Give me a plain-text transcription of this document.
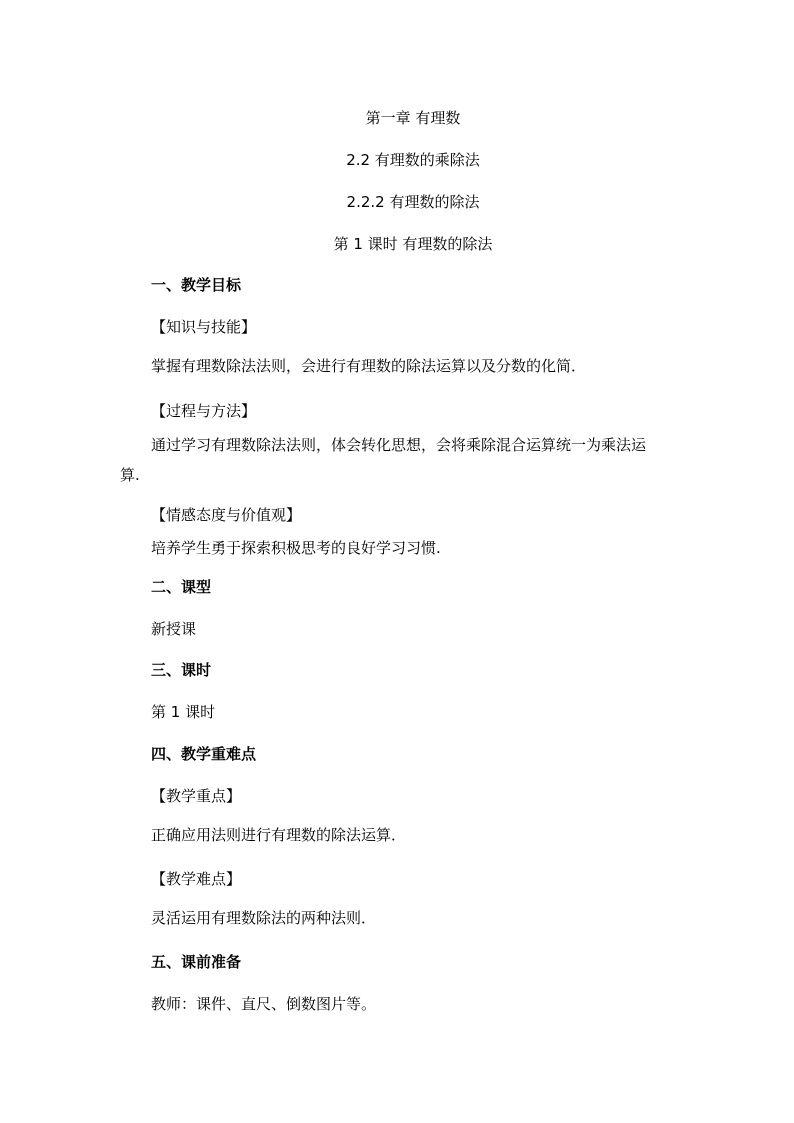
第一章 有理数
2.2 有理数的乘除法
2.2.2 有理数的除法
第 1 课时 有理数的除法
一、教学目标
【知识与技能】
掌握有理数除法法则，会进行有理数的除法运算以及分数的化简．
【过程与方法】
通过学习有理数除法法则，体会转化思想，会将乘除混合运算统一为乘法运
算.
【情感态度与价值观】
培养学生勇于探索积极思考的良好学习习惯.
二、课型
新授课
三、课时
第 1 课时
四、教学重难点
【教学重点】
正确应用法则进行有理数的除法运算．
【教学难点】
灵活运用有理数除法的两种法则．
五、课前准备
教师：课件、直尺、倒数图片等。
